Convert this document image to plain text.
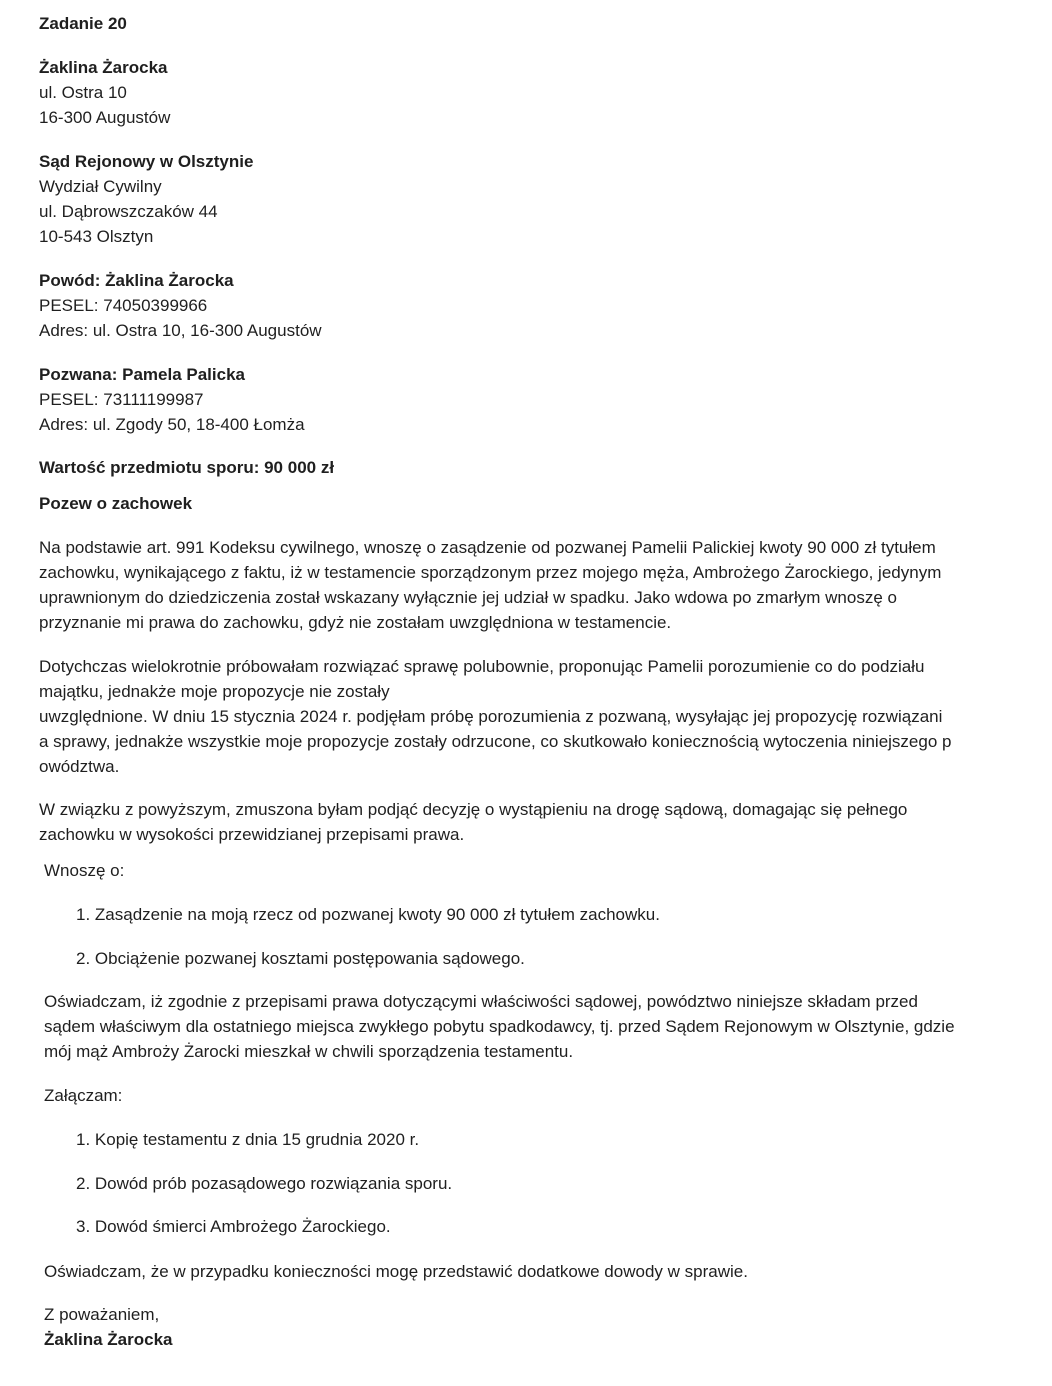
Zadanie 20

Żaklina Żarocka
ul. Ostra 10
16-300 Augustów
Sąd Rejonowy w Olsztynie
Wydział Cywilny
ul. Dąbrowszczaków 44
10-543 Olsztyn
Powód: Żaklina Żarocka
PESEL: 74050399966
Adres: ul. Ostra 10, 16-300 Augustów
Pozwana: Pamela Palicka
PESEL: 73111199987
Adres: ul. Zgody 50, 18-400 Łomża

Wartość przedmiotu sporu: 90 000 zł

Pozew o zachowek

Na podstawie art. 991 Kodeksu cywilnego, wnoszę o zasądzenie od pozwanej Pamelii Palickiej kwoty 90 000 zł tytułem
zachowku, wynikającego z faktu, iż w testamencie sporządzonym przez mojego męża, Ambrożego Żarockiego, jedynym
uprawnionym do dziedziczenia został wskazany wyłącznie jej udział w spadku. Jako wdowa po zmarłym wnoszę o
przyznanie mi prawa do zachowku, gdyż nie zostałam uwzględniona w testamencie.
Dotychczas wielokrotnie próbowałam rozwiązać sprawę polubownie, proponując Pamelii porozumienie co do podziału
majątku, jednakże moje propozycje nie zostały
uwzględnione. W dniu 15 stycznia 2024 r. podjęłam próbę porozumienia z pozwaną, wysyłając jej propozycję rozwiązani
a sprawy, jednakże wszystkie moje propozycje zostały odrzucone, co skutkowało koniecznością wytoczenia niniejszego p
owództwa.
W związku z powyższym, zmuszona byłam podjąć decyzję o wystąpieniu na drogę sądową, domagając się pełnego
zachowku w wysokości przewidzianej przepisami prawa.

Wnoszę o:

1. Zasądzenie na moją rzecz od pozwanej kwoty 90 000 zł tytułem zachowku.

2. Obciążenie pozwanej kosztami postępowania sądowego.

Oświadczam, iż zgodnie z przepisami prawa dotyczącymi właściwości sądowej, powództwo niniejsze składam przed
sądem właściwym dla ostatniego miejsca zwykłego pobytu spadkodawcy, tj. przed Sądem Rejonowym w Olsztynie, gdzie
mój mąż Ambroży Żarocki mieszkał w chwili sporządzenia testamentu.

Załączam:

1. Kopię testamentu z dnia 15 grudnia 2020 r.

2. Dowód prób pozasądowego rozwiązania sporu.

3. Dowód śmierci Ambrożego Żarockiego.

Oświadczam, że w przypadku konieczności mogę przedstawić dodatkowe dowody w sprawie.

Z poważaniem,
Żaklina Żarocka
